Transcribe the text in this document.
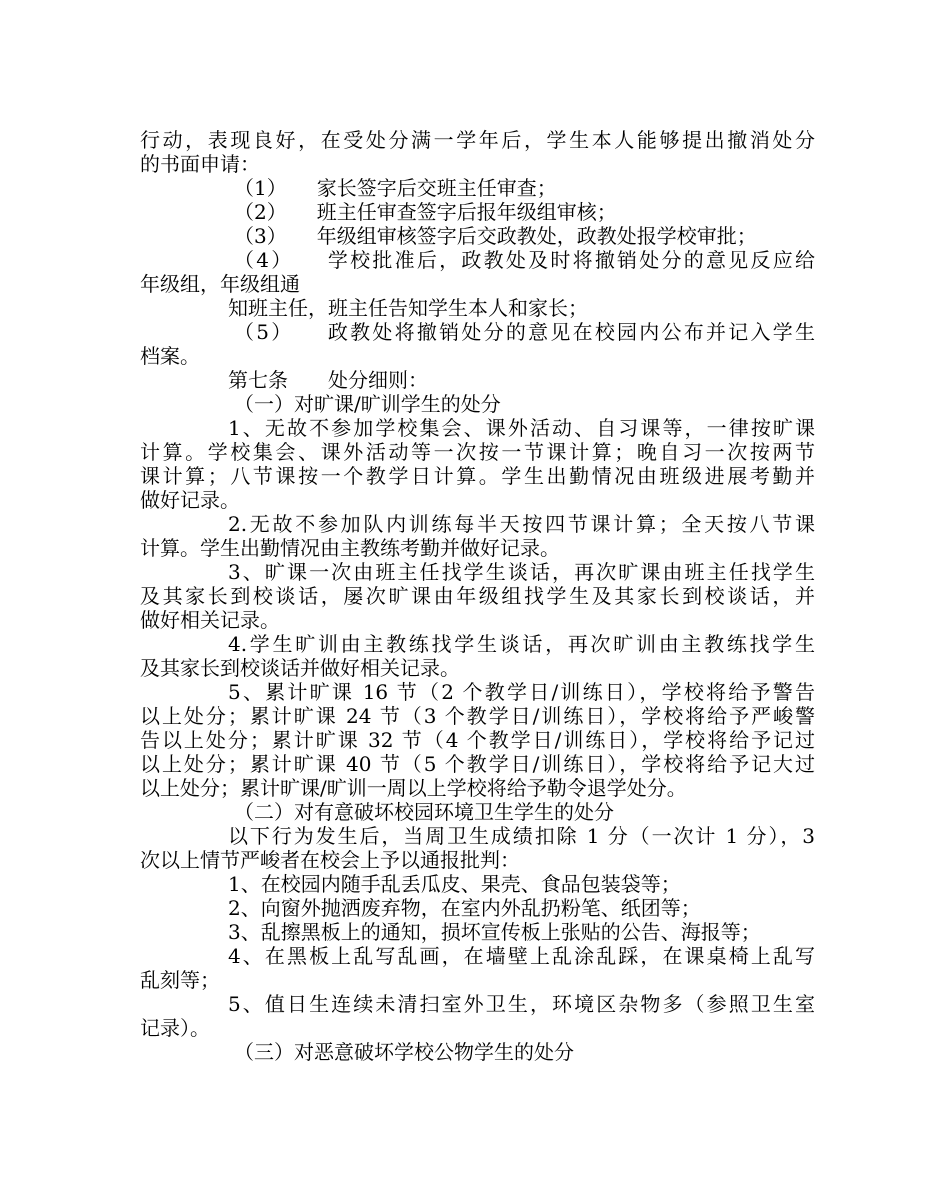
行动，表现良好，在受处分满一学年后，学生本人能够提出撤消处分

的书面申请：

（1）　　家长签字后交班主任审查；

（2）　　班主任审查签字后报年级组审核；

（3）　　年级组审核签字后交政教处，政教处报学校审批；

（4）　　学校批准后，政教处及时将撤销处分的意见反应给

年级组，年级组通

知班主任，班主任告知学生本人和家长；

（5）　　政教处将撤销处分的意见在校园内公布并记入学生

档案。

第七条　　处分细则：

（一）对旷课/旷训学生的处分

1、无故不参加学校集会、课外活动、自习课等，一律按旷课

计算。学校集会、课外活动等一次按一节课计算；晚自习一次按两节

课计算；八节课按一个教学日计算。学生出勤情况由班级进展考勤并

做好记录。

2.无故不参加队内训练每半天按四节课计算；全天按八节课

计算。学生出勤情况由主教练考勤并做好记录。

3、旷课一次由班主任找学生谈话，再次旷课由班主任找学生

及其家长到校谈话，屡次旷课由年级组找学生及其家长到校谈话，并

做好相关记录。

4.学生旷训由主教练找学生谈话，再次旷训由主教练找学生

及其家长到校谈话并做好相关记录。

5、累计旷课 16 节（2 个教学日/训练日），学校将给予警告

以上处分；累计旷课 24 节（3 个教学日/训练日），学校将给予严峻警

告以上处分；累计旷课 32 节（4 个教学日/训练日），学校将给予记过

以上处分；累计旷课 40 节（5 个教学日/训练日），学校将给予记大过

以上处分；累计旷课/旷训一周以上学校将给予勒令退学处分。

（二）对有意破坏校园环境卫生学生的处分

以下行为发生后，当周卫生成绩扣除 1 分（一次计 1 分），3

次以上情节严峻者在校会上予以通报批判：

1、在校园内随手乱丢瓜皮、果壳、食品包装袋等；

2、向窗外抛洒废弃物，在室内外乱扔粉笔、纸团等；

3、乱擦黑板上的通知，损坏宣传板上张贴的公告、海报等；

4、在黑板上乱写乱画，在墙壁上乱涂乱踩，在课桌椅上乱写

乱刻等；

5、值日生连续未清扫室外卫生，环境区杂物多（参照卫生室

记录）。

（三）对恶意破坏学校公物学生的处分
